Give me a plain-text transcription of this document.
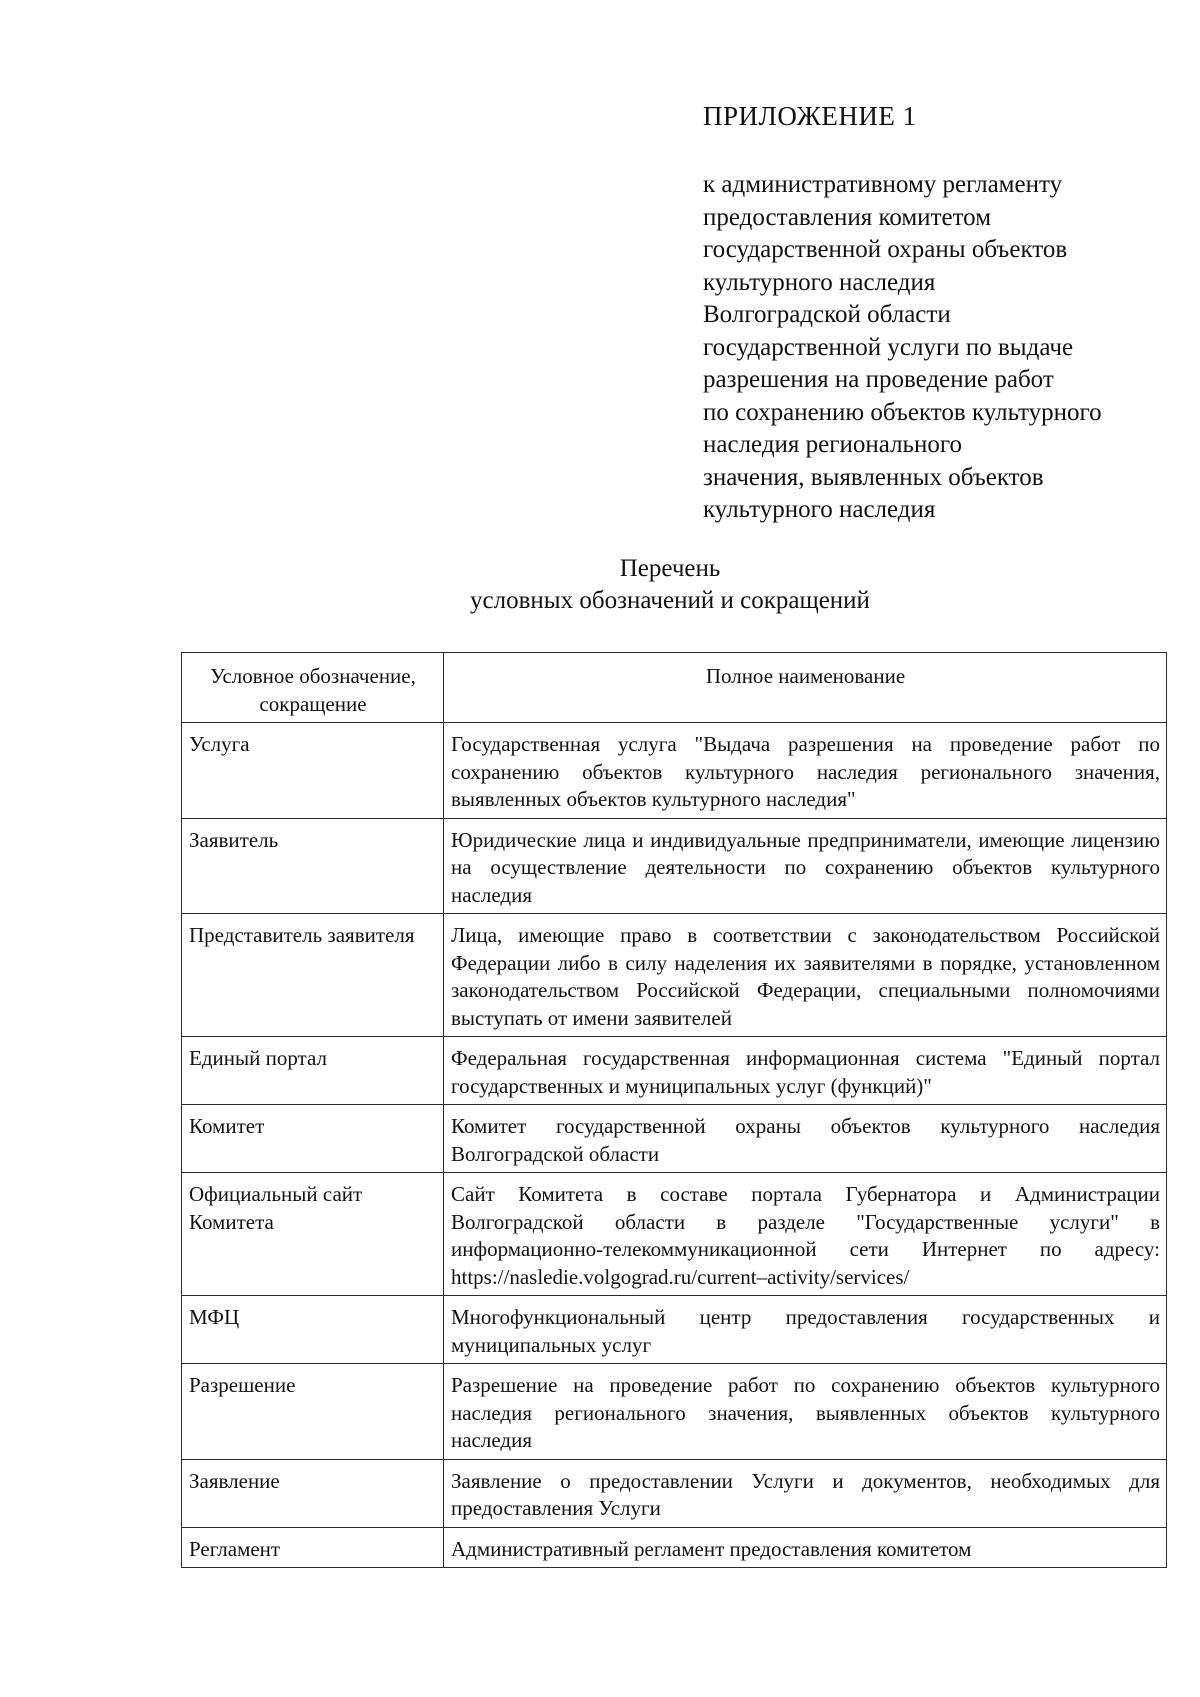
ПРИЛОЖЕНИЕ 1
к административному регламенту
предоставления комитетом
государственной охраны объектов
культурного наследия
Волгоградской области
государственной услуги по выдаче
разрешения на проведение работ
по сохранению объектов культурного
наследия регионального
значения, выявленных объектов
культурного наследия
Перечень
условных обозначений и сокращений
Условное обозначение, сокращение	Полное наименование
Услуга	Государственная услуга "Выдача разрешения на проведение работ по сохранению объектов культурного наследия регионального значения, выявленных объектов культурного наследия"
Заявитель	Юридические лица и индивидуальные предприниматели, имеющие лицензию на осуществление деятельности по сохранению объектов культурного наследия
Представитель заявителя	Лица, имеющие право в соответствии с законодательством Российской Федерации либо в силу наделения их заявителями в порядке, установленном законодательством Российской Федерации, специальными полномочиями выступать от имени заявителей
Единый портал	Федеральная государственная информационная система "Единый портал государственных и муниципальных услуг (функций)"
Комитет	Комитет государственной охраны объектов культурного наследия Волгоградской области
Официальный сайт Комитета	Сайт Комитета в составе портала Губернатора и Администрации Волгоградской области в разделе "Государственные услуги" в информационно-телекоммуникационной сети Интернет по адресу: https://nasledie.volgograd.ru/current–activity/services/
МФЦ	Многофункциональный центр предоставления государственных и муниципальных услуг
Разрешение	Разрешение на проведение работ по сохранению объектов культурного наследия регионального значения, выявленных объектов культурного наследия
Заявление	Заявление о предоставлении Услуги и документов, необходимых для предоставления Услуги
Регламент	Административный регламент предоставления комитетом
